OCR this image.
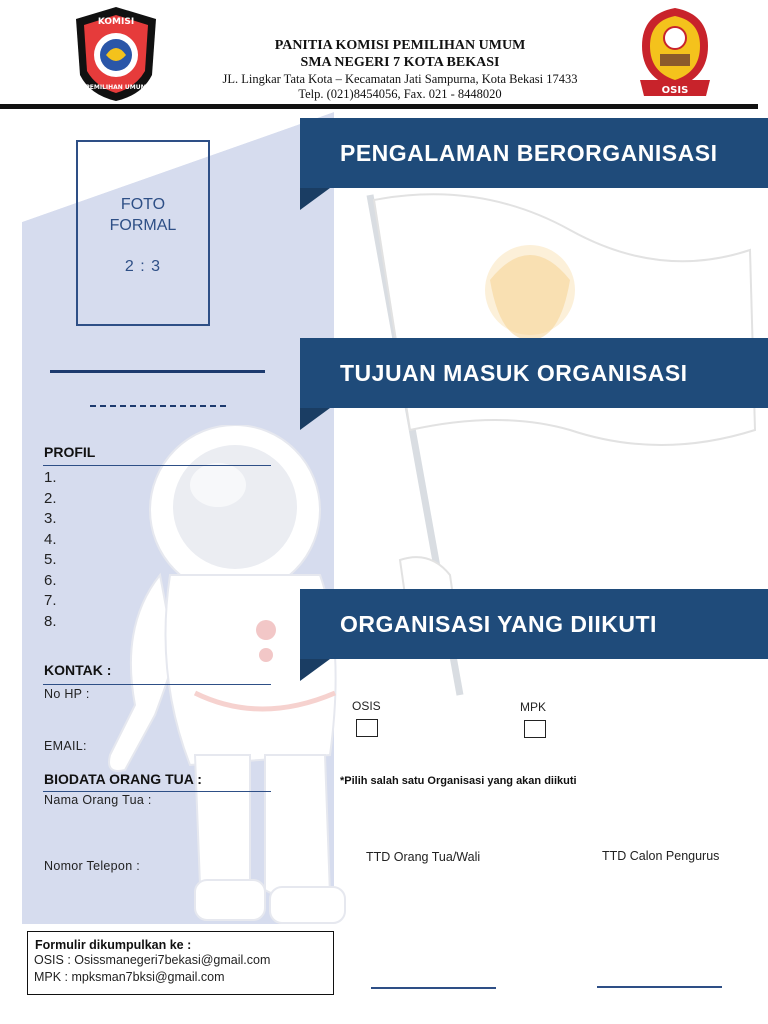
KOMISI
PEMILIHAN UMUM	OSIS
PANITIA KOMISI PEMILIHAN UMUM
SMA NEGERI 7 KOTA BEKASI
JL. Lingkar Tata Kota – Kecamatan Jati Sampurna, Kota Bekasi 17433
Telp. (021)8454056, Fax. 021 - 8448020
FOTO
FORMAL
2 : 3
PROFIL
1.
2.
3.
4.
5.
6.
7.
8.
KONTAK :
No HP :
EMAIL:
BIODATA ORANG TUA :
Nama Orang Tua :
Nomor Telepon :
PENGALAMAN BERORGANISASI
TUJUAN MASUK ORGANISASI
ORGANISASI YANG DIIKUTI
OSIS	MPK
*Pilih salah satu Organisasi yang akan diikuti
TTD Orang Tua/Wali	TTD Calon Pengurus
Formulir dikumpulkan ke :
OSIS : Osissmanegeri7bekasi@gmail.com
MPK : mpksman7bksi@gmail.com
